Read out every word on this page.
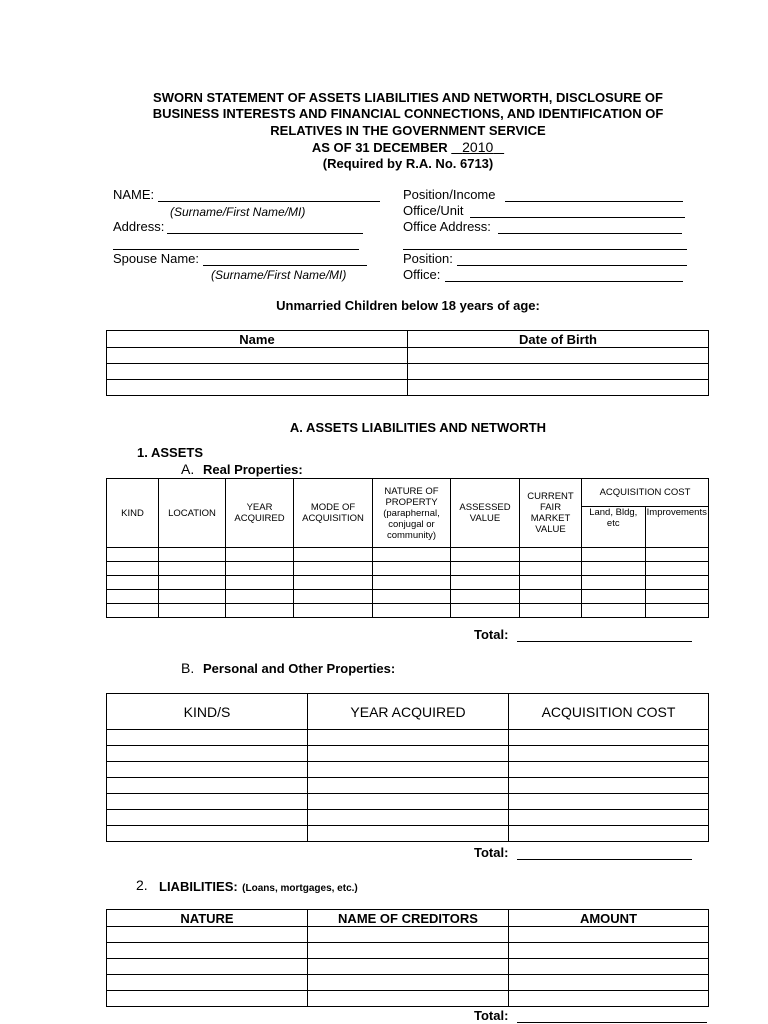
SWORN STATEMENT OF ASSETS LIABILITIES AND NETWORTH, DISCLOSURE OF
BUSINESS INTERESTS AND FINANCIAL CONNECTIONS, AND IDENTIFICATION OF
RELATIVES IN THE GOVERNMENT SERVICE
AS OF 31 DECEMBER    2010
(Required by R.A. No. 6713)
NAME:
(Surname/First Name/MI)
Address:
Spouse Name:
(Surname/First Name/MI)
Position/Income
Office/Unit
Office Address:
Position:
Office:
Unmarried Children below 18 years of age:
Name	Date of Birth

A. ASSETS LIABILITIES AND NETWORTH
1. ASSETS
A. Real Properties:
KIND	LOCATION	YEAR ACQUIRED	MODE OF ACQUISITION	NATURE OF PROPERTY (paraphernal, conjugal or community)	ASSESSED VALUE	CURRENT FAIR MARKET VALUE	ACQUISITION COST	
							Land, Bldg, etc	Improvements

Total:
B. Personal and Other Properties:
KIND/S	YEAR ACQUIRED	ACQUISITION COST

Total:
2. LIABILITIES: (Loans, mortgages, etc.)
NATURE	NAME OF CREDITORS	AMOUNT

Total:
